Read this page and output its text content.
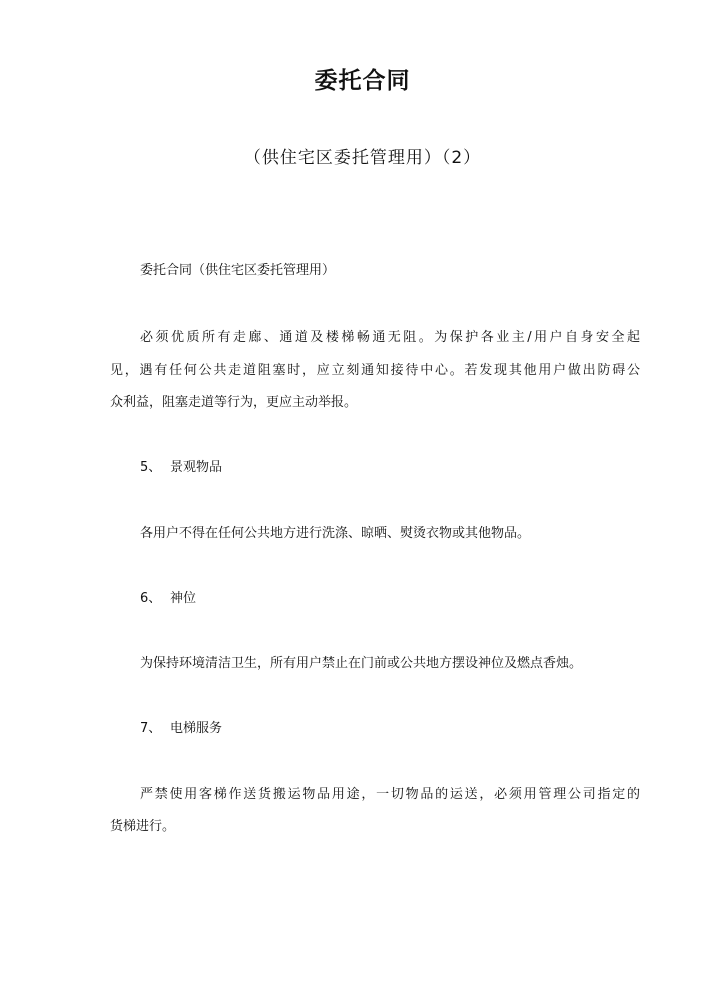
委托合同

（供住宅区委托管理用）（2）

委托合同（供住宅区委托管理用）

必须优质所有走廊、通道及楼梯畅通无阻。为保护各业主/用户自身安全起

见，遇有任何公共走道阻塞时，应立刻通知接待中心。若发现其他用户做出防碍公

众利益，阻塞走道等行为，更应主动举报。

5、 景观物品

各用户不得在任何公共地方进行洗涤、晾晒、熨烫衣物或其他物品。

6、 神位

为保持环境清洁卫生，所有用户禁止在门前或公共地方摆设神位及燃点香烛。

7、 电梯服务

严禁使用客梯作送货搬运物品用途，一切物品的运送，必须用管理公司指定的

货梯进行。
